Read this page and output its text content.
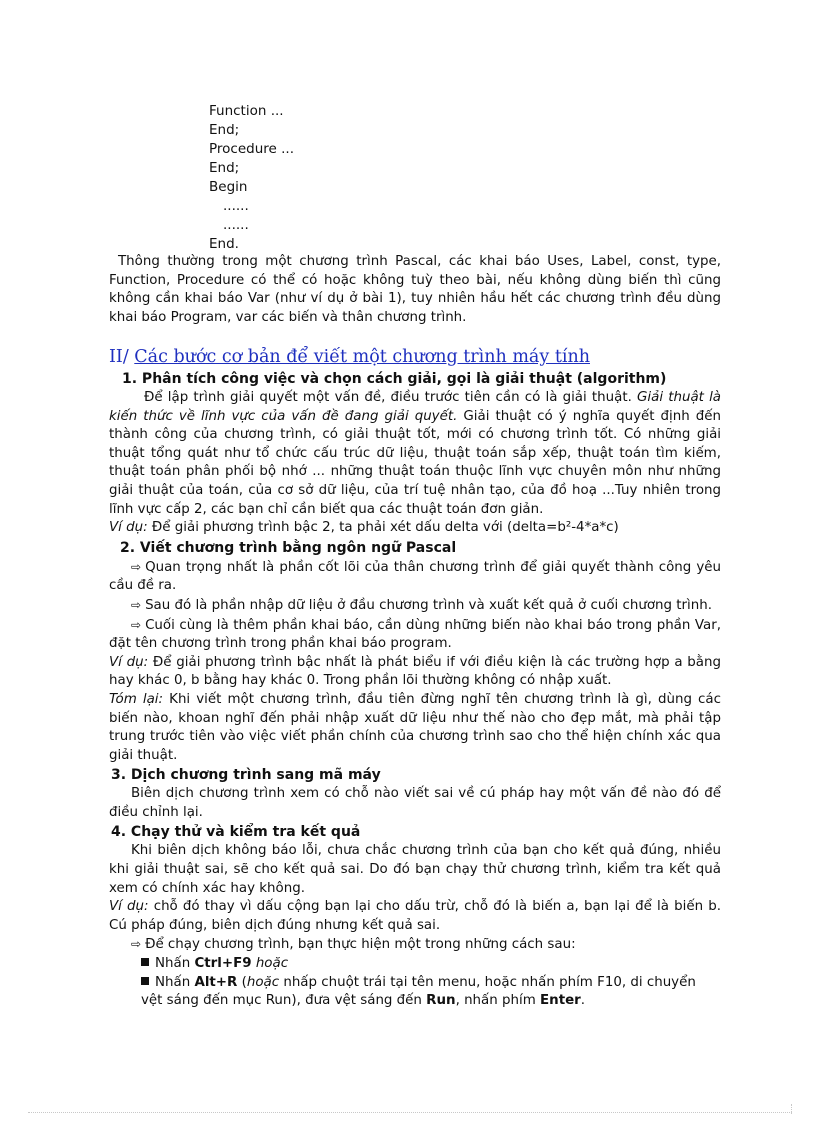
Function ...
End;
Procedure ...
End;
Begin
......
......
End.

Thông thường trong một chương trình Pascal, các khai báo Uses, Label, const, type, Function, Procedure có thể có hoặc không tuỳ theo bài, nếu không dùng biến thì cũng không cần khai báo Var (như ví dụ ở bài 1), tuy nhiên hầu hết các chương trình đều dùng khai báo Program, var các biến và thân chương trình.

II/ Các bước cơ bản để viết một chương trình máy tính

1. Phân tích công việc và chọn cách giải, gọi là giải thuật (algorithm)

Để lập trình giải quyết một vấn đề, điều trước tiên cần có là giải thuật. Giải thuật là kiến thức về lĩnh vực của vấn đề đang giải quyết. Giải thuật có ý nghĩa quyết định đến thành công của chương trình, có giải thuật tốt, mới có chương trình tốt. Có những giải thuật tổng quát như tổ chức cấu trúc dữ liệu, thuật toán sắp xếp, thuật toán tìm kiếm, thuật toán phân phối bộ nhớ ... những thuật toán thuộc lĩnh vực chuyên môn như những giải thuật của toán, của cơ sở dữ liệu, của trí tuệ nhân tạo, của đồ hoạ ...Tuy nhiên trong lĩnh vực cấp 2, các bạn chỉ cần biết qua các thuật toán đơn giản.

Ví dụ: Để giải phương trình bậc 2, ta phải xét dấu delta với (delta=b²-4*a*c)

2. Viết chương trình bằng ngôn ngữ Pascal

⇨ Quan trọng nhất là phần cốt lõi của thân chương trình để giải quyết thành công yêu cầu đề ra.

⇨ Sau đó là phần nhập dữ liệu ở đầu chương trình và xuất kết quả ở cuối chương trình.

⇨ Cuối cùng là thêm phần khai báo, cần dùng những biến nào khai báo trong phần Var, đặt tên chương trình trong phần khai báo program.

Ví dụ: Để giải phương trình bậc nhất là phát biểu if với điều kiện là các trường hợp a bằng hay khác 0, b bằng hay khác 0. Trong phần lõi thường không có nhập xuất.

Tóm lại: Khi viết một chương trình, đầu tiên đừng nghĩ tên chương trình là gì, dùng các biến nào, khoan nghĩ đến phải nhập xuất dữ liệu như thế nào cho đẹp mắt, mà phải tập trung trước tiên vào việc viết phần chính của chương trình sao cho thể hiện chính xác qua giải thuật.

3. Dịch chương trình sang mã máy

Biên dịch chương trình xem có chỗ nào viết sai về cú pháp hay một vấn đề nào đó để điều chỉnh lại.

4. Chạy thử và kiểm tra kết quả

Khi biên dịch không báo lỗi, chưa chắc chương trình của bạn cho kết quả đúng, nhiều khi giải thuật sai, sẽ cho kết quả sai. Do đó bạn chạy thử chương trình, kiểm tra kết quả xem có chính xác hay không.

Ví dụ: chỗ đó thay vì dấu cộng bạn lại cho dấu trừ, chỗ đó là biến a, bạn lại để là biến b. Cú pháp đúng, biên dịch đúng nhưng kết quả sai.

⇨ Để chạy chương trình, bạn thực hiện một trong những cách sau:

Nhấn Ctrl+F9 hoặc

Nhấn Alt+R (hoặc nhấp chuột trái tại tên menu, hoặc nhấn phím F10, di chuyển vệt sáng đến mục Run), đưa vệt sáng đến Run, nhấn phím Enter.
